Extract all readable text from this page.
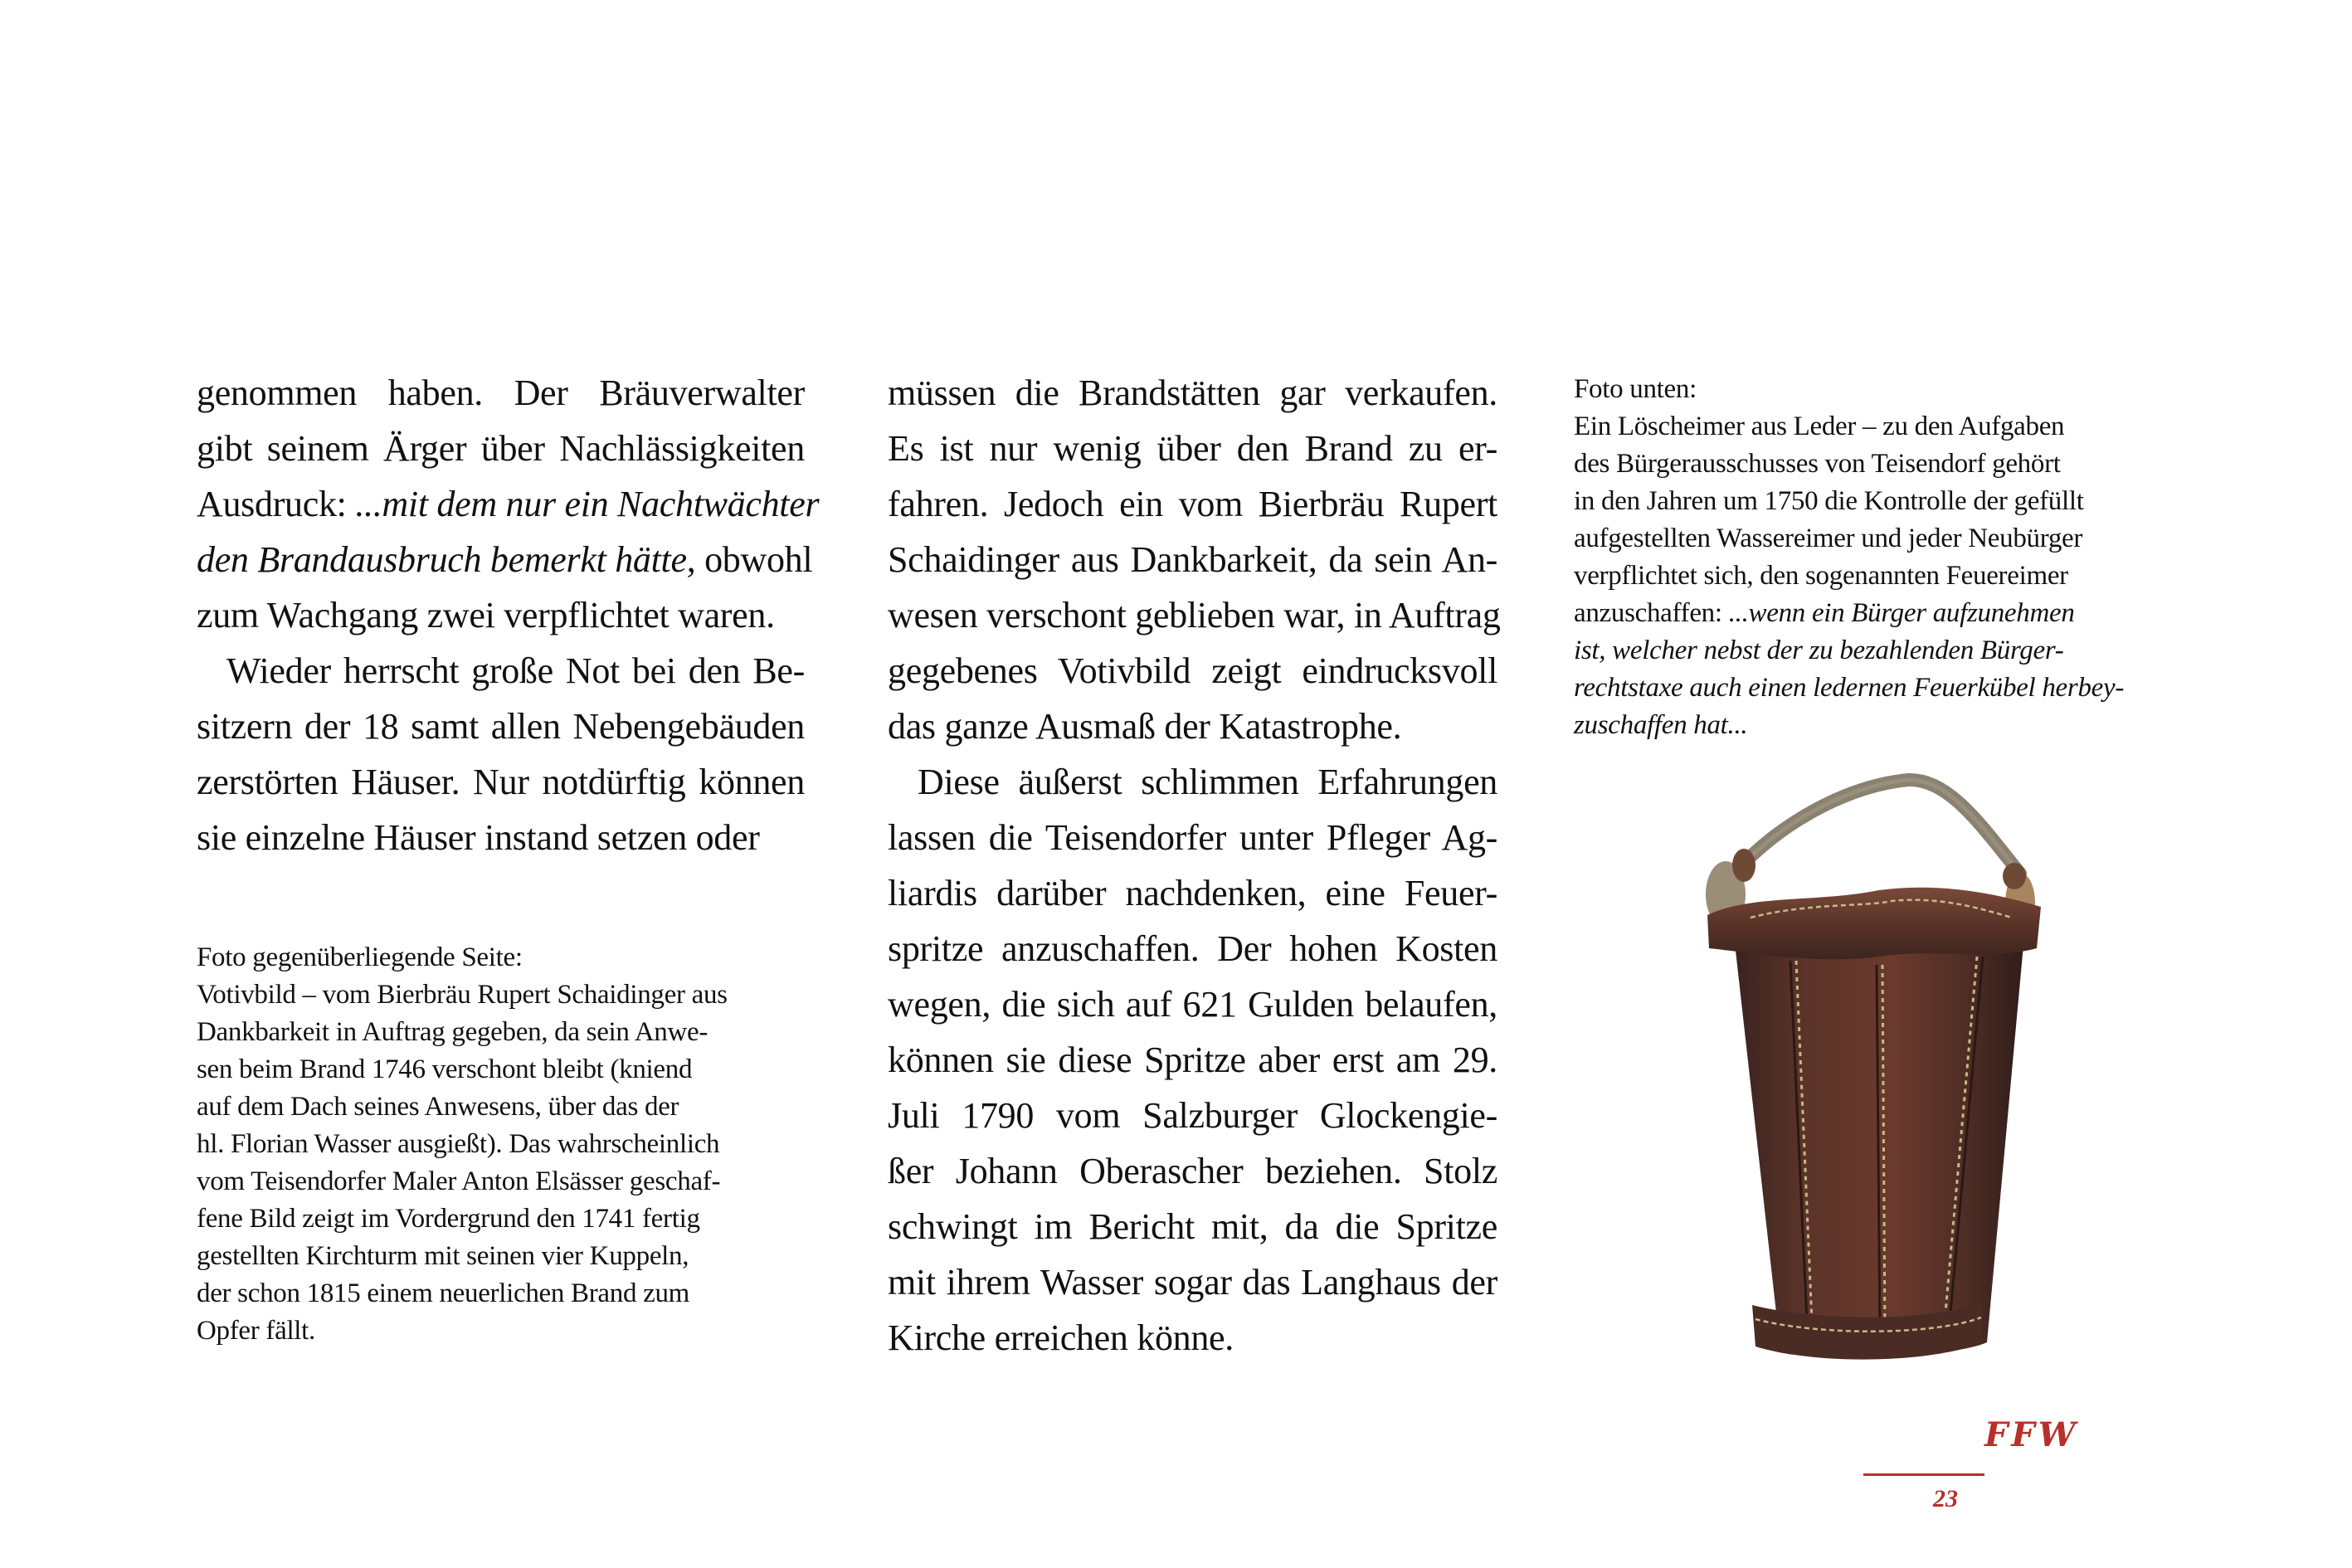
genommen haben. Der Bräuverwalter
gibt seinem Ärger über Nachlässigkeiten
Ausdruck: ...mit dem nur ein Nachtwächter
den Brandausbruch bemerkt hätte, obwohl
zum Wachgang zwei verpflichtet waren.
Wieder herrscht große Not bei den Be-
sitzern der 18 samt allen Nebengebäuden
zerstörten Häuser. Nur notdürftig können
sie einzelne Häuser instand setzen oder
müssen die Brandstätten gar verkaufen.
Es ist nur wenig über den Brand zu er-
fahren. Jedoch ein vom Bierbräu Rupert
Schaidinger aus Dankbarkeit, da sein An-
wesen verschont geblieben war, in Auftrag
gegebenes Votivbild zeigt eindrucksvoll
das ganze Ausmaß der Katastrophe.
Diese äußerst schlimmen Erfahrungen
lassen die Teisendorfer unter Pfleger Ag-
liardis darüber nachdenken, eine Feuer-
spritze anzuschaffen. Der hohen Kosten
wegen, die sich auf 621 Gulden belaufen,
können sie diese Spritze aber erst am 29.
Juli 1790 vom Salzburger Glockengie-
ßer Johann Oberascher beziehen. Stolz
schwingt im Bericht mit, da die Spritze
mit ihrem Wasser sogar das Langhaus der
Kirche erreichen könne.
Foto gegenüberliegende Seite:
Votivbild – vom Bierbräu Rupert Schaidinger aus
Dankbarkeit in Auftrag gegeben, da sein Anwe-
sen beim Brand 1746 verschont bleibt (kniend
auf dem Dach seines Anwesens, über das der
hl. Florian Wasser ausgießt). Das wahrscheinlich
vom Teisendorfer Maler Anton Elsässer geschaf-
fene Bild zeigt im Vordergrund den 1741 fertig
gestellten Kirchturm mit seinen vier Kuppeln,
der schon 1815 einem neuerlichen Brand zum
Opfer fällt.
Foto unten:
Ein Löscheimer aus Leder – zu den Aufgaben
des Bürgerausschusses von Teisendorf gehört
in den Jahren um 1750 die Kontrolle der gefüllt
aufgestellten Wassereimer und jeder Neubürger
verpflichtet sich, den sogenannten Feuereimer
anzuschaffen: ...wenn ein Bürger aufzunehmen
ist, welcher nebst der zu bezahlenden Bürger-
rechtstaxe auch einen ledernen Feuerkübel herbey-
zuschaffen hat...
FFW
23
